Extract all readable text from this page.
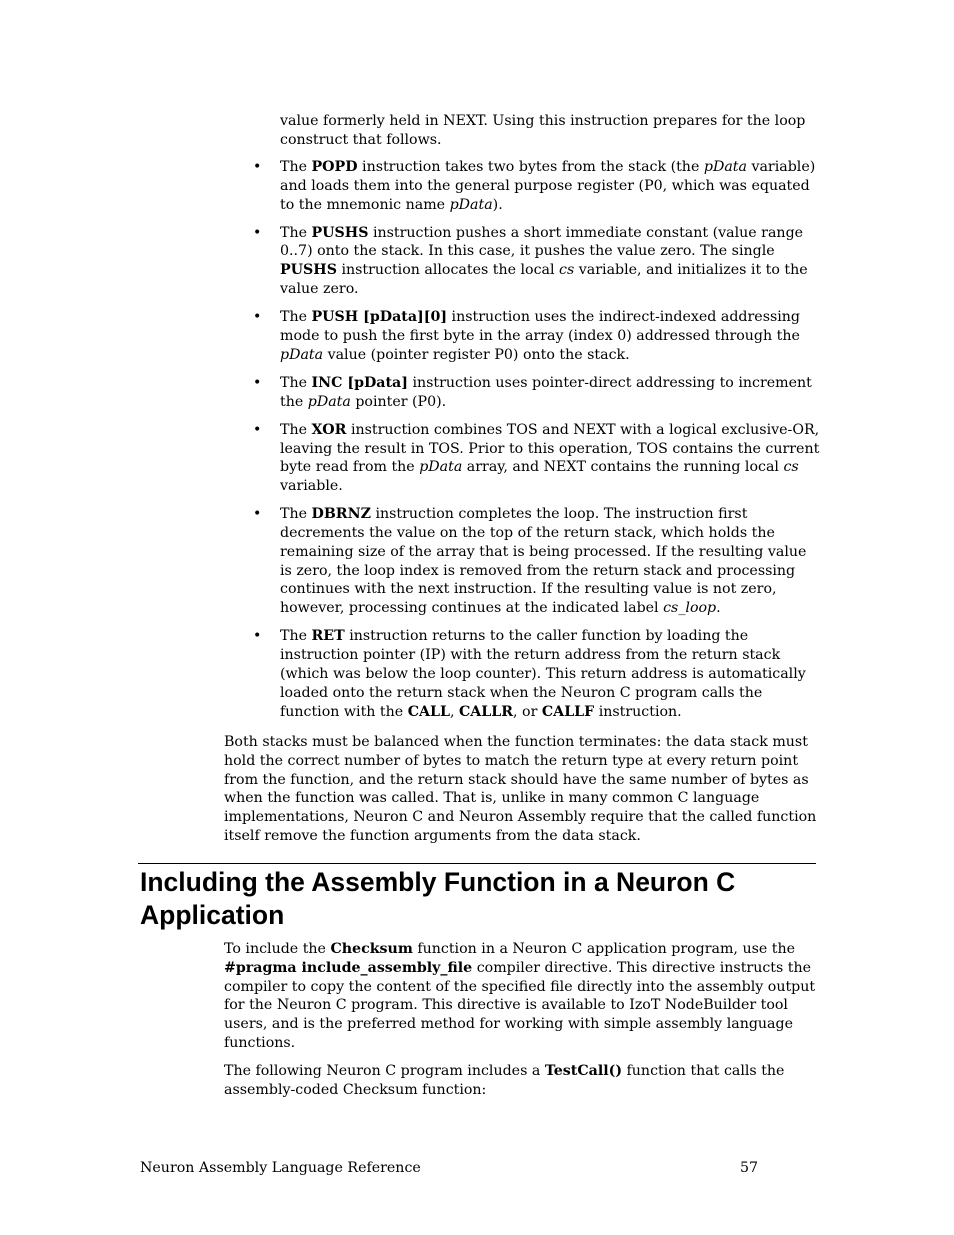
value formerly held in NEXT. Using this instruction prepares for the loop construct that follows.

• The POPD instruction takes two bytes from the stack (the pData variable) and loads them into the general purpose register (P0, which was equated to the mnemonic name pData).
• The PUSHS instruction pushes a short immediate constant (value range 0..7) onto the stack. In this case, it pushes the value zero. The single PUSHS instruction allocates the local cs variable, and initializes it to the value zero.
• The PUSH [pData][0] instruction uses the indirect-indexed addressing mode to push the first byte in the array (index 0) addressed through the pData value (pointer register P0) onto the stack.
• The INC [pData] instruction uses pointer-direct addressing to increment the pData pointer (P0).
• The XOR instruction combines TOS and NEXT with a logical exclusive-OR, leaving the result in TOS. Prior to this operation, TOS contains the current byte read from the pData array, and NEXT contains the running local cs variable.
• The DBRNZ instruction completes the loop. The instruction first decrements the value on the top of the return stack, which holds the remaining size of the array that is being processed. If the resulting value is zero, the loop index is removed from the return stack and processing continues with the next instruction. If the resulting value is not zero, however, processing continues at the indicated label cs_loop.
• The RET instruction returns to the caller function by loading the instruction pointer (IP) with the return address from the return stack (which was below the loop counter). This return address is automatically loaded onto the return stack when the Neuron C program calls the function with the CALL, CALLR, or CALLF instruction.

Both stacks must be balanced when the function terminates: the data stack must hold the correct number of bytes to match the return type at every return point from the function, and the return stack should have the same number of bytes as when the function was called. That is, unlike in many common C language implementations, Neuron C and Neuron Assembly require that the called function itself remove the function arguments from the data stack.

Including the Assembly Function in a Neuron C Application

To include the Checksum function in a Neuron C application program, use the #pragma include_assembly_file compiler directive. This directive instructs the compiler to copy the content of the specified file directly into the assembly output for the Neuron C program. This directive is available to IzoT NodeBuilder tool users, and is the preferred method for working with simple assembly language functions.

The following Neuron C program includes a TestCall() function that calls the assembly-coded Checksum function:

Neuron Assembly Language Reference	57
